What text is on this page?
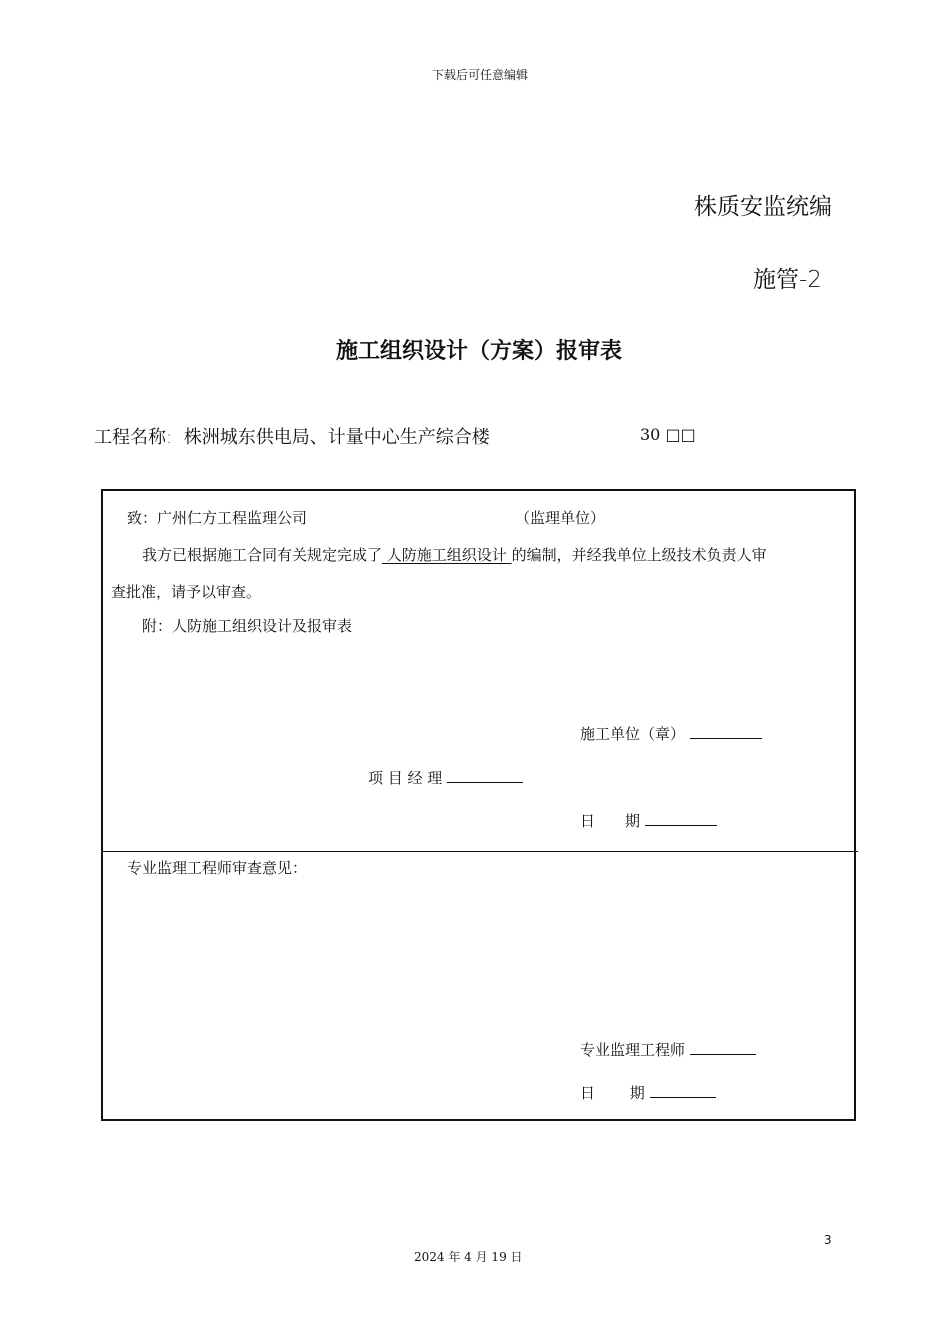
下载后可任意编辑
株质安监统编
施管-2
施工组织设计（方案）报审表
工程名称: 株洲城东供电局、计量中心生产综合楼	30 □□
致：广州仁方工程监理公司	（监理单位）
我方已根据施工合同有关规定完成了 人防施工组织设计 的编制，并经我单位上级技术负责人审
查批准，请予以审查。
附：人防施工组织设计及报审表
施工单位（章）
项 目 经 理
日　　期
专业监理工程师审查意见：
专业监理工程师
日　　 期
3
2024 年 4 月 19 日
